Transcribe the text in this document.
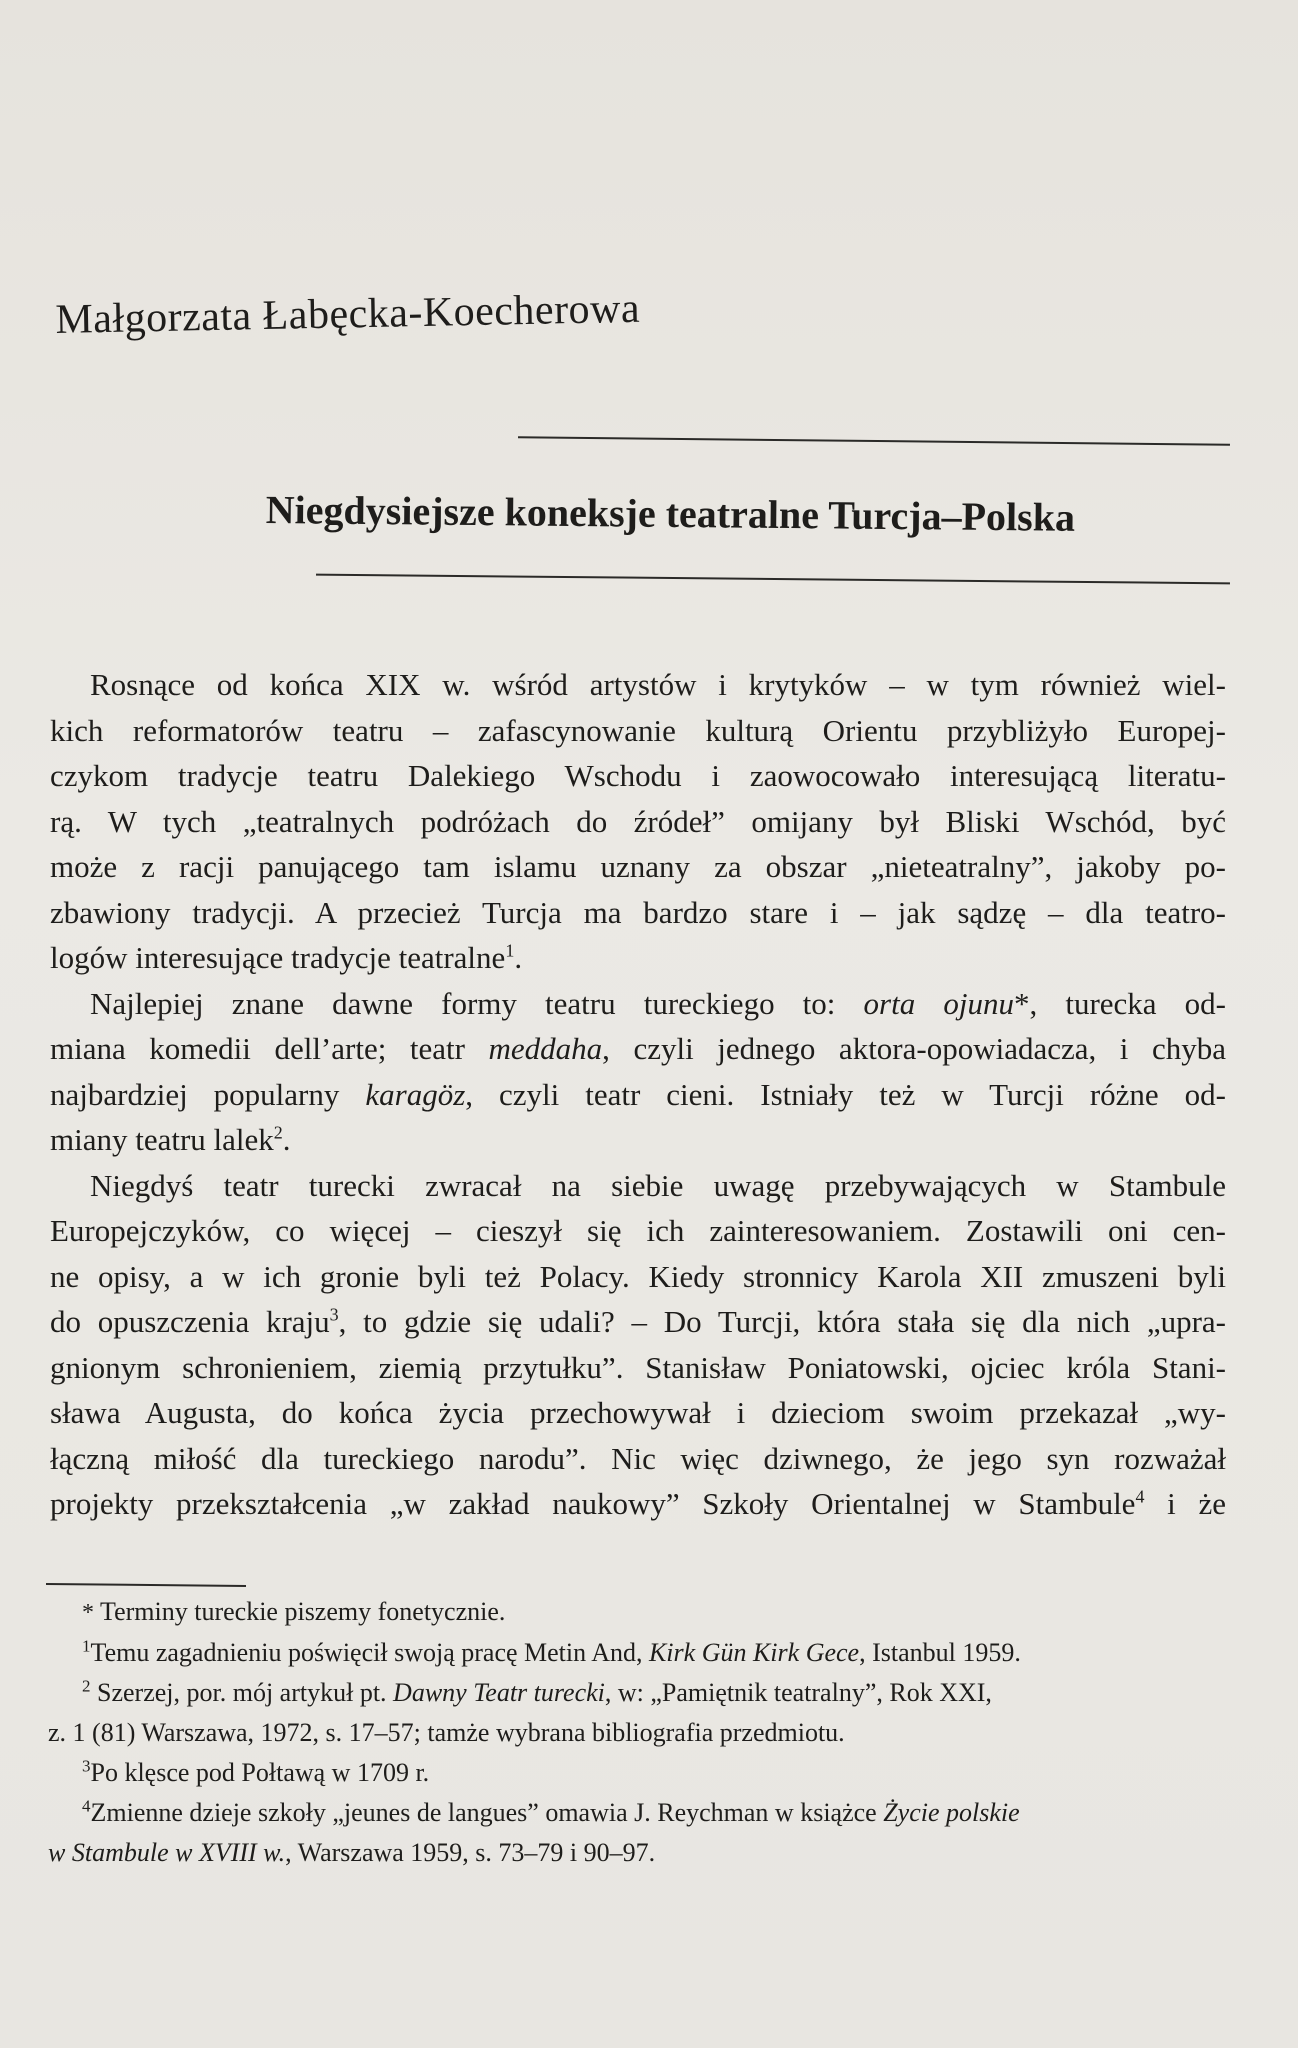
Małgorzata Łabęcka-Koecherowa
Niegdysiejsze koneksje teatralne Turcja–Polska
Rosnące od końca XIX w. wśród artystów i krytyków – w tym również wiel-
kich reformatorów teatru – zafascynowanie kulturą Orientu przybliżyło Europej-
czykom tradycje teatru Dalekiego Wschodu i zaowocowało interesującą literatu-
rą. W tych „teatralnych podróżach do źródeł” omijany był Bliski Wschód, być
może z racji panującego tam islamu uznany za obszar „nieteatralny”, jakoby po-
zbawiony tradycji. A przecież Turcja ma bardzo stare i – jak sądzę – dla teatro-
logów interesujące tradycje teatralne$^1$.
Najlepiej znane dawne formy teatru tureckiego to: orta ojunu*, turecka od-
miana komedii dell’arte; teatr meddaha, czyli jednego aktora-opowiadacza, i chyba
najbardziej popularny karagöz, czyli teatr cieni. Istniały też w Turcji różne od-
miany teatru lalek$^2$.
Niegdyś teatr turecki zwracał na siebie uwagę przebywających w Stambule
Europejczyków, co więcej – cieszył się ich zainteresowaniem. Zostawili oni cen-
ne opisy, a w ich gronie byli też Polacy. Kiedy stronnicy Karola XII zmuszeni byli
do opuszczenia kraju$^3$, to gdzie się udali? – Do Turcji, która stała się dla nich „upra-
gnionym schronieniem, ziemią przytułku”. Stanisław Poniatowski, ojciec króla Stani-
sława Augusta, do końca życia przechowywał i dzieciom swoim przekazał „wy-
łączną miłość dla tureckiego narodu”. Nic więc dziwnego, że jego syn rozważał
projekty przekształcenia „w zakład naukowy” Szkoły Orientalnej w Stambule$^4$ i że
* Terminy tureckie piszemy fonetycznie.
$^1$Temu zagadnieniu poświęcił swoją pracę Metin And, Kirk Gün Kirk Gece, Istanbul 1959.
$^2$ Szerzej, por. mój artykuł pt. Dawny Teatr turecki, w: „Pamiętnik teatralny”, Rok XXI,
z. 1 (81) Warszawa, 1972, s. 17–57; tamże wybrana bibliografia przedmiotu.
$^3$Po klęsce pod Połtawą w 1709 r.
$^4$Zmienne dzieje szkoły „jeunes de langues” omawia J. Reychman w książce Życie polskie
w Stambule w XVIII w., Warszawa 1959, s. 73–79 i 90–97.
